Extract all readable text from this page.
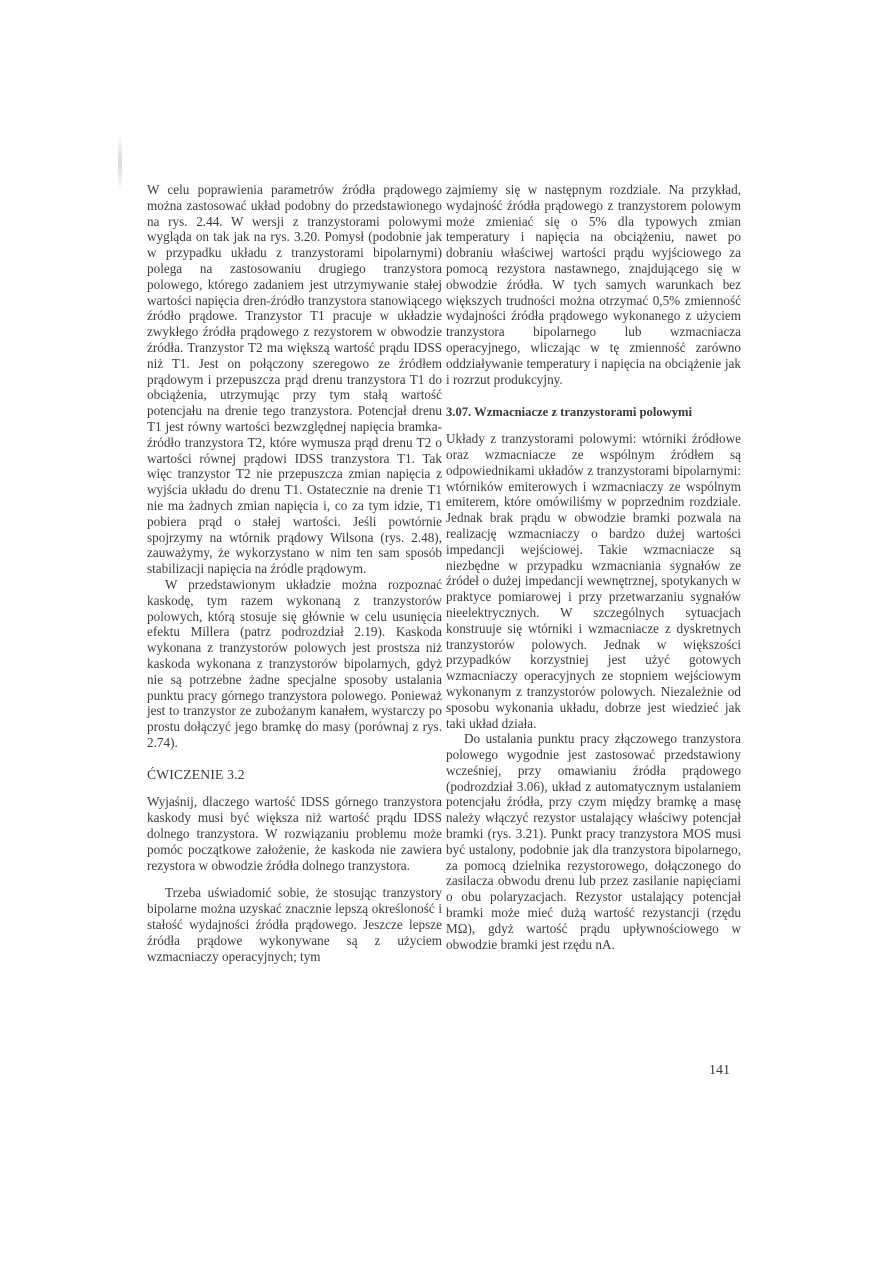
W celu poprawienia parametrów źródła prądowego można zastosować układ podobny do przedstawionego na rys. 2.44. W wersji z tranzystorami polowymi wygląda on tak jak na rys. 3.20. Pomysł (podobnie jak w przypadku układu z tranzystorami bipolarnymi) polega na zastosowaniu drugiego tranzystora polowego, którego zadaniem jest utrzymywanie stałej wartości napięcia dren-źródło tranzystora stanowiącego źródło prądowe. Tranzystor T1 pracuje w układzie zwykłego źródła prądowego z rezystorem w obwodzie źródła. Tranzystor T2 ma większą wartość prądu IDSS niż T1. Jest on połączony szeregowo ze źródłem prądowym i przepuszcza prąd drenu tranzystora T1 do obciążenia, utrzymując przy tym stałą wartość potencjału na drenie tego tranzystora. Potencjał drenu T1 jest równy wartości bezwzględnej napięcia bramka-źródło tranzystora T2, które wymusza prąd drenu T2 o wartości równej prądowi IDSS tranzystora T1. Tak więc tranzystor T2 nie przepuszcza zmian napięcia z wyjścia układu do drenu T1. Ostatecznie na drenie T1 nie ma żadnych zmian napięcia i, co za tym idzie, T1 pobiera prąd o stałej wartości. Jeśli powtórnie spojrzymy na wtórnik prądowy Wilsona (rys. 2.48), zauważymy, że wykorzystano w nim ten sam sposób stabilizacji napięcia na źródle prądowym.

W przedstawionym układzie można rozpoznać kaskodę, tym razem wykonaną z tranzystorów polowych, którą stosuje się głównie w celu usunięcia efektu Millera (patrz podrozdział 2.19). Kaskoda wykonana z tranzystorów polowych jest prostsza niż kaskoda wykonana z tranzystorów bipolarnych, gdyż nie są potrzebne żadne specjalne sposoby ustalania punktu pracy górnego tranzystora polowego. Ponieważ jest to tranzystor ze zubożanym kanałem, wystarczy po prostu dołączyć jego bramkę do masy (porównaj z rys. 2.74).

ĆWICZENIE 3.2

Wyjaśnij, dlaczego wartość IDSS górnego tranzystora kaskody musi być większa niż wartość prądu IDSS dolnego tranzystora. W rozwiązaniu problemu może pomóc początkowe założenie, że kaskoda nie zawiera rezystora w obwodzie źródła dolnego tranzystora.

Trzeba uświadomić sobie, że stosując tranzystory bipolarne można uzyskać znacznie lepszą określoność i stałość wydajności źródła prądowego. Jeszcze lepsze źródła prądowe wykonywane są z użyciem wzmacniaczy operacyjnych; tym

zajmiemy się w następnym rozdziale. Na przykład, wydajność źródła prądowego z tranzystorem polowym może zmieniać się o 5% dla typowych zmian temperatury i napięcia na obciążeniu, nawet po dobraniu właściwej wartości prądu wyjściowego za pomocą rezystora nastawnego, znajdującego się w obwodzie źródła. W tych samych warunkach bez większych trudności można otrzymać 0,5% zmienność wydajności źródła prądowego wykonanego z użyciem tranzystora bipolarnego lub wzmacniacza operacyjnego, wliczając w tę zmienność zarówno oddziaływanie temperatury i napięcia na obciążenie jak i rozrzut produkcyjny.

3.07. Wzmacniacze z tranzystorami polowymi

Układy z tranzystorami polowymi: wtórniki źródłowe oraz wzmacniacze ze wspólnym źródłem są odpowiednikami układów z tranzystorami bipolarnymi: wtórników emiterowych i wzmacniaczy ze wspólnym emiterem, które omówiliśmy w poprzednim rozdziale. Jednak brak prądu w obwodzie bramki pozwala na realizację wzmacniaczy o bardzo dużej wartości impedancji wejściowej. Takie wzmacniacze są niezbędne w przypadku wzmacniania sygnałów ze źródeł o dużej impedancji wewnętrznej, spotykanych w praktyce pomiarowej i przy przetwarzaniu sygnałów nieelektrycznych. W szczególnych sytuacjach konstruuje się wtórniki i wzmacniacze z dyskretnych tranzystorów polowych. Jednak w większości przypadków korzystniej jest użyć gotowych wzmacniaczy operacyjnych ze stopniem wejściowym wykonanym z tranzystorów polowych. Niezależnie od sposobu wykonania układu, dobrze jest wiedzieć jak taki układ działa.

Do ustalania punktu pracy złączowego tranzystora polowego wygodnie jest zastosować przedstawiony wcześniej, przy omawianiu źródła prądowego (podrozdział 3.06), układ z automatycznym ustalaniem potencjału źródła, przy czym między bramkę a masę należy włączyć rezystor ustalający właściwy potencjał bramki (rys. 3.21). Punkt pracy tranzystora MOS musi być ustalony, podobnie jak dla tranzystora bipolarnego, za pomocą dzielnika rezystorowego, dołączonego do zasilacza obwodu drenu lub przez zasilanie napięciami o obu polaryzacjach. Rezystor ustalający potencjał bramki może mieć dużą wartość rezystancji (rzędu MΩ), gdyż wartość prądu upływnościowego w obwodzie bramki jest rzędu nA.

141
